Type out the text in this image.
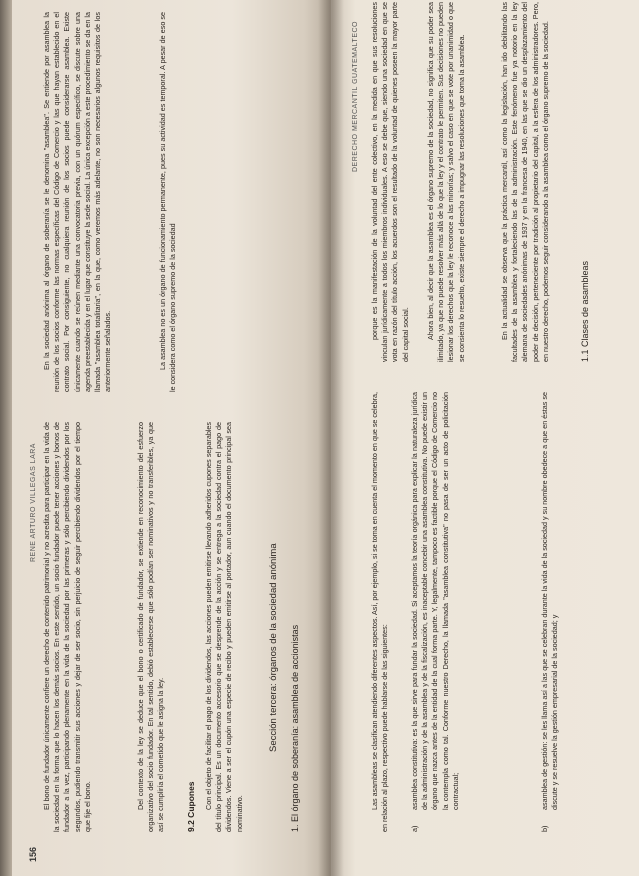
156
RENE ARTURO VILLEGAS LARA El bono de fundador únicamente confiere un derecho de contenido patrimonial y no acredita para participar en la vida de la sociedad en la forma que lo hacen los demás socios. En este sentido, un socio fundador puede tener acciones y bonos de fundador a la vez, participando plenamente en la vida de la sociedad por las primeras y sólo percibiendo dividendos por los segundos, pudiendo transmitir sus acciones y dejar de ser socio, sin perjuicio de seguir percibiendo dividendos por el tiempo que fije el bono.	Del contexto de la ley se deduce que el bono o certificado de fundador, se extiende en reconocimiento del esfuerzo organizativo del socio fundador. En tal sentido, debió establecerse que sólo podían ser nominativos y no transferibles, ya que así se cumpliría el cometido que le asigna la ley. 9.2 Cupones Con el objeto de facilitar el pago de los dividendos, las acciones pueden emitirse llevando adheridos cupones separables del título principal. Es un documento accesorio que se desprende de la acción y se entrega a la sociedad contra el pago de dividendos. Viene a ser el cupón una especie de recibo y pueden emitirse al portador, aun cuando el documento principal sea nominativo.

Sección tercera: órganos de la sociedad anónima 1. El órgano de soberanía: asamblea de accionistas

En la sociedad anónima al órgano de soberanía se le denomina "asamblea". Se entiende por asamblea la reunión de los socios conforme las normas específicas del Código de Comercio y las que hayan establecido en el contrato social. Por consiguiente, no cualquiera reunión de los socios puede considerarse asamblea. Existe únicamente cuando se reúnen mediante una convocatoria previa, con un quórum específico, se discute sobre una agenda preestablecida y en el lugar que constituye la sede social. La única excepción a este procedimiento se da en la llamada "asamblea totalitaria", en la que, como veremos más adelante, no son necesarios algunos requisitos de los anteriormente señalados.	La asamblea no es un órgano de funcionamiento permanente, pues su actividad es temporal. A pesar de eso se le considera como el órgano supremo de la sociedad

DERECHO MERCANTIL GUATEMALTECO porque es la manifestación de la voluntad del ente colectivo, en la medida en que sus resoluciones vinculan jurídicamente a todos los miembros individuales. A eso se debe que, siendo una sociedad en que se vota en razón del título acción, los acuerdos son el resultado de la voluntad de quienes poseen la mayor parte del capital social. Ahora bien, al decir que la asamblea es el órgano supremo de la sociedad, no significa que su poder sea ilimitado, ya que no puede resolver más allá de lo que la ley y el contrato le permiten. Sus decisiones no pueden lesionar los derechos que la ley le reconoce a las minorías; y salvo el caso en que se vote por unanimidad o que se consienta lo resuelto, existe siempre el derecho a impugnar las resoluciones que toma la asamblea.	En la actualidad se observa que la práctica mercantil, así como la legislación, han ido debilitando las facultades de la asamblea y fortaleciendo las de la administración. Este fenómeno fue ya notorio en la ley alemana de sociedades anónimas de 1937 y en la francesa de 1940, en las que se dio un desplazamiento del poder de decisión, perteneciente por tradición al propietario del capital, a la esfera de los administradores. Pero, en nuestro derecho, podemos seguir considerando a la asamblea como el órgano supremo de la sociedad.	1.1 Clases de asambleas

Las asambleas se clasifican atendiendo diferentes aspectos. Así, por ejemplo, si se toma en cuenta el momento en que se celebra, en relación al plazo, respectivo puede hablarse de las siguientes:	a)
asamblea constitutiva: es la que sirve para fundar la sociedad. Si aceptamos la teoría orgánica para explicar la naturaleza jurídica de la administración y de la asamblea y de la fiscalización, es inaceptable concebir una asamblea constitutiva. No puede existir un órgano que nazca antes de la entidad de la cual forma parte. Y, legalmente, tampoco es factible porque el Código de Comercio no la contempla como tal. Conforme nuestro Derecho, la llamada "asamblea constitutiva" no pasa de ser un acto de policitación contractual;
b)
asamblea de gestión: se les llama así a las que se celebran durante la vida de la sociedad y su nombre obedece a que en éstas se discute y se resuelve la gestión empresarial de la sociedad; y
